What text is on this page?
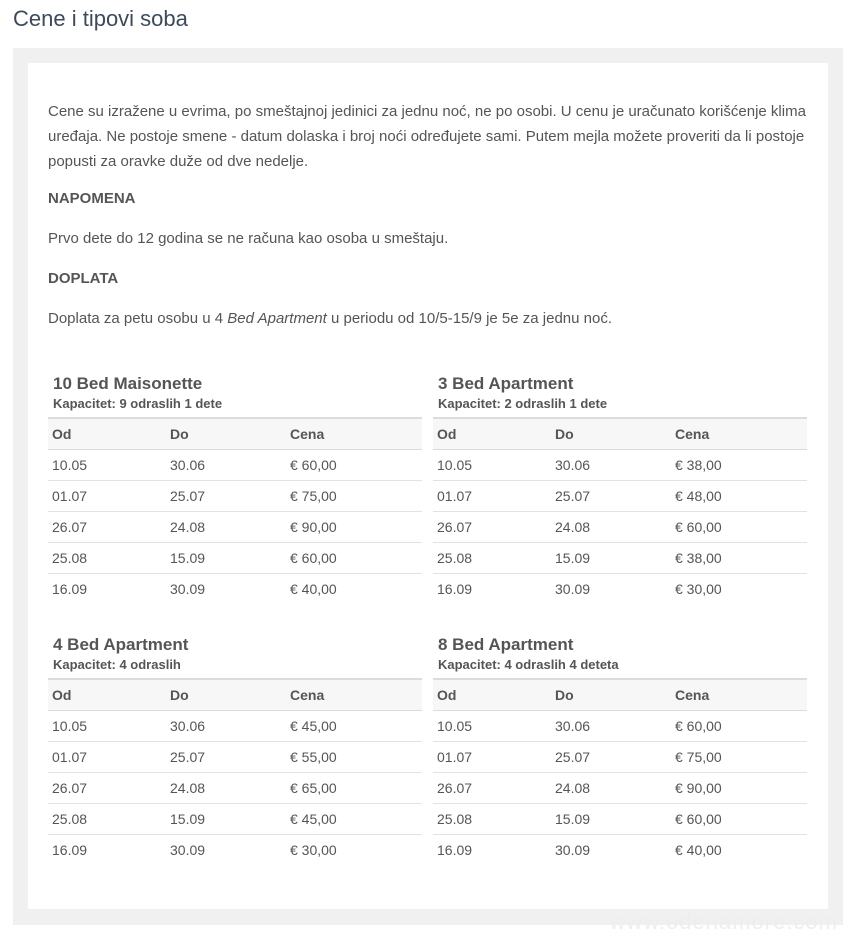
Cene i tipovi soba

Cene su izražene u evrima, po smeštajnoj jedinici za jednu noć, ne po osobi. U cenu je uračunato korišćenje klima uređaja. Ne postoje smene - datum dolaska i broj noći određujete sami. Putem mejla možete proveriti da li postoje popusti za oravke duže od dve nedelje.

NAPOMENA

Prvo dete do 12 godina se ne računa kao osoba u smeštaju.

DOPLATA

Doplata za petu osobu u 4 Bed Apartment u periodu od 10/5-15/9 je 5e za jednu noć.

10 Bed Maisonette
Kapacitet: 9 odraslih 1 dete
Od	Do	Cena
10.05	30.06	€ 60,00
01.07	25.07	€ 75,00
26.07	24.08	€ 90,00
25.08	15.09	€ 60,00
16.09	30.09	€ 40,00
3 Bed Apartment
Kapacitet: 2 odraslih 1 dete
Od	Do	Cena
10.05	30.06	€ 38,00
01.07	25.07	€ 48,00
26.07	24.08	€ 60,00
25.08	15.09	€ 38,00
16.09	30.09	€ 30,00
4 Bed Apartment
Kapacitet: 4 odraslih
Od	Do	Cena
10.05	30.06	€ 45,00
01.07	25.07	€ 55,00
26.07	24.08	€ 65,00
25.08	15.09	€ 45,00
16.09	30.09	€ 30,00
8 Bed Apartment
Kapacitet: 4 odraslih 4 deteta
Od	Do	Cena
10.05	30.06	€ 60,00
01.07	25.07	€ 75,00
26.07	24.08	€ 90,00
25.08	15.09	€ 60,00
16.09	30.09	€ 40,00
www.odenamore.com
